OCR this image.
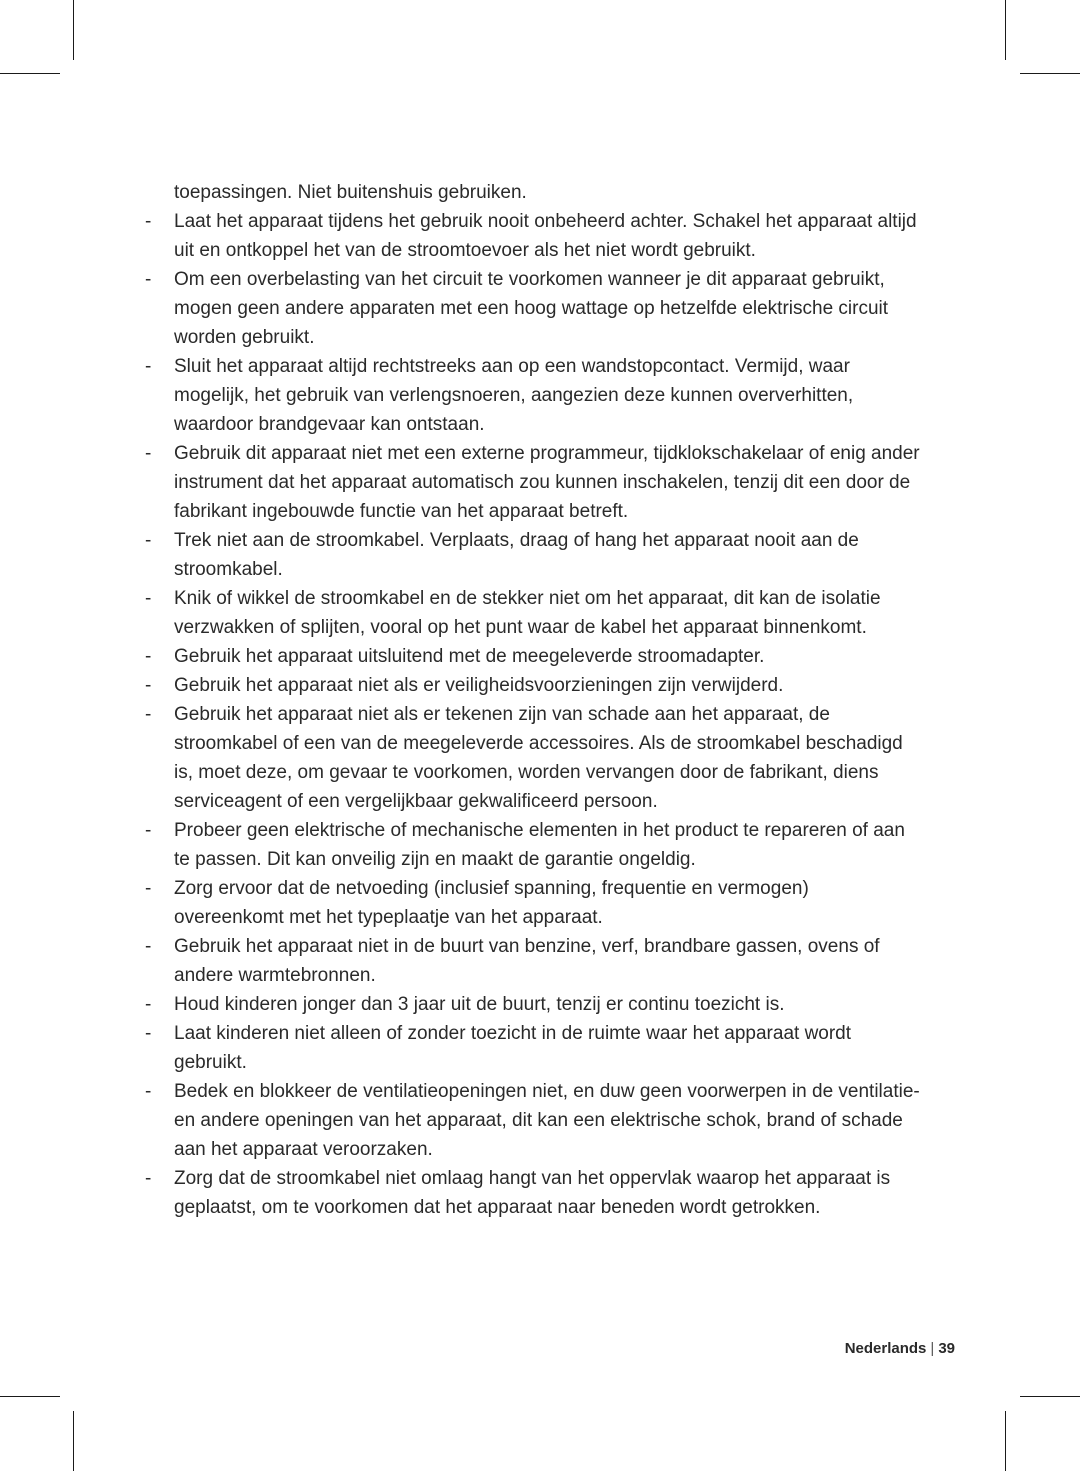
toepassingen. Niet buitenshuis gebruiken.
- Laat het apparaat tijdens het gebruik nooit onbeheerd achter. Schakel het apparaat altijd uit en ontkoppel het van de stroomtoevoer als het niet wordt gebruikt.
- Om een overbelasting van het circuit te voorkomen wanneer je dit apparaat gebruikt, mogen geen andere apparaten met een hoog wattage op hetzelfde elektrische circuit worden gebruikt.
- Sluit het apparaat altijd rechtstreeks aan op een wandstopcontact. Vermijd, waar mogelijk, het gebruik van verlengsnoeren, aangezien deze kunnen oververhitten, waardoor brandgevaar kan ontstaan.
- Gebruik dit apparaat niet met een externe programmeur, tijdklokschakelaar of enig ander instrument dat het apparaat automatisch zou kunnen inschakelen, tenzij dit een door de fabrikant ingebouwde functie van het apparaat betreft.
- Trek niet aan de stroomkabel. Verplaats, draag of hang het apparaat nooit aan de stroomkabel.
- Knik of wikkel de stroomkabel en de stekker niet om het apparaat, dit kan de isolatie verzwakken of splijten, vooral op het punt waar de kabel het apparaat binnenkomt.
- Gebruik het apparaat uitsluitend met de meegeleverde stroomadapter.
- Gebruik het apparaat niet als er veiligheidsvoorzieningen zijn verwijderd.
- Gebruik het apparaat niet als er tekenen zijn van schade aan het apparaat, de stroomkabel of een van de meegeleverde accessoires. Als de stroomkabel beschadigd is, moet deze, om gevaar te voorkomen, worden vervangen door de fabrikant, diens serviceagent of een vergelijkbaar gekwalificeerd persoon.
- Probeer geen elektrische of mechanische elementen in het product te repareren of aan te passen. Dit kan onveilig zijn en maakt de garantie ongeldig.
- Zorg ervoor dat de netvoeding (inclusief spanning, frequentie en vermogen) overeenkomt met het typeplaatje van het apparaat.
- Gebruik het apparaat niet in de buurt van benzine, verf, brandbare gassen, ovens of andere warmtebronnen.
- Houd kinderen jonger dan 3 jaar uit de buurt, tenzij er continu toezicht is.
- Laat kinderen niet alleen of zonder toezicht in de ruimte waar het apparaat wordt gebruikt.
- Bedek en blokkeer de ventilatieopeningen niet, en duw geen voorwerpen in de ventilatie- en andere openingen van het apparaat, dit kan een elektrische schok, brand of schade aan het apparaat veroorzaken.
- Zorg dat de stroomkabel niet omlaag hangt van het oppervlak waarop het apparaat is geplaatst, om te voorkomen dat het apparaat naar beneden wordt getrokken.
Nederlands | 39
